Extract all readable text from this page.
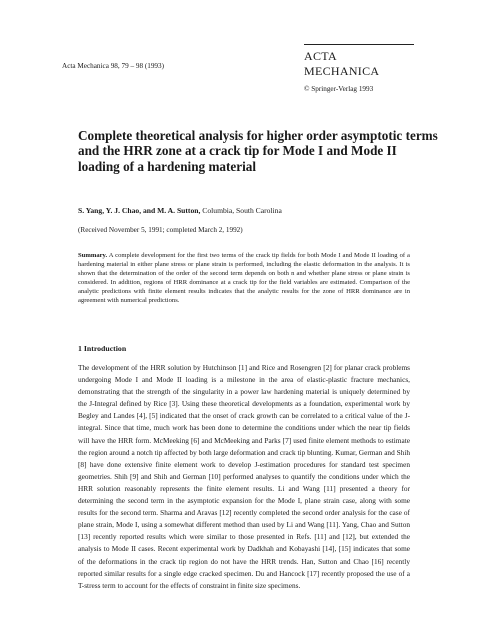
Acta Mechanica 98, 79 – 98 (1993)
ACTA MECHANICA
© Springer-Verlag 1993
Complete theoretical analysis for higher order asymptotic terms and the HRR zone at a crack tip for Mode I and Mode II loading of a hardening material
S. Yang, Y. J. Chao, and M. A. Sutton, Columbia, South Carolina
(Received November 5, 1991; completed March 2, 1992)
Summary. A complete development for the first two terms of the crack tip fields for both Mode I and Mode II loading of a hardening material in either plane stress or plane strain is performed, including the elastic deformation in the analysis. It is shown that the determination of the order of the second term depends on both n and whether plane stress or plane strain is considered. In addition, regions of HRR dominance at a crack tip for the field variables are estimated. Comparison of the analytic predictions with finite element results indicates that the analytic results for the zone of HRR dominance are in agreement with numerical predictions.
1 Introduction

The development of the HRR solution by Hutchinson [1] and Rice and Rosengren [2] for planar crack problems undergoing Mode I and Mode II loading is a milestone in the area of elastic-plastic fracture mechanics, demonstrating that the strength of the singularity in a power law hardening material is uniquely determined by the J-Integral defined by Rice [3]. Using these theoretical developments as a foundation, experimental work by Begley and Landes [4], [5] indicated that the onset of crack growth can be correlated to a critical value of the J-integral. Since that time, much work has been done to determine the conditions under which the near tip fields will have the HRR form. McMeeking [6] and McMeeking and Parks [7] used finite element methods to estimate the region around a notch tip affected by both large deformation and crack tip blunting. Kumar, German and Shih [8] have done extensive finite element work to develop J-estimation procedures for standard test specimen geometries. Shih [9] and Shih and German [10] performed analyses to quantify the conditions under which the HRR solution reasonably represents the finite element results. Li and Wang [11] presented a theory for determining the second term in the asymptotic expansion for the Mode I, plane strain case, along with some results for the second term. Sharma and Aravas [12] recently completed the second order analysis for the case of plane strain, Mode I, using a somewhat different method than used by Li and Wang [11]. Yang, Chao and Sutton [13] recently reported results which were similar to those presented in Refs. [11] and [12], but extended the analysis to Mode II cases. Recent experimental work by Dadkhah and Kobayashi [14], [15] indicates that some of the deformations in the crack tip region do not have the HRR trends. Han, Sutton and Chao [16] recently reported similar results for a single edge cracked specimen. Du and Hancock [17] recently proposed the use of a T-stress term to account for the effects of constraint in finite size specimens.
